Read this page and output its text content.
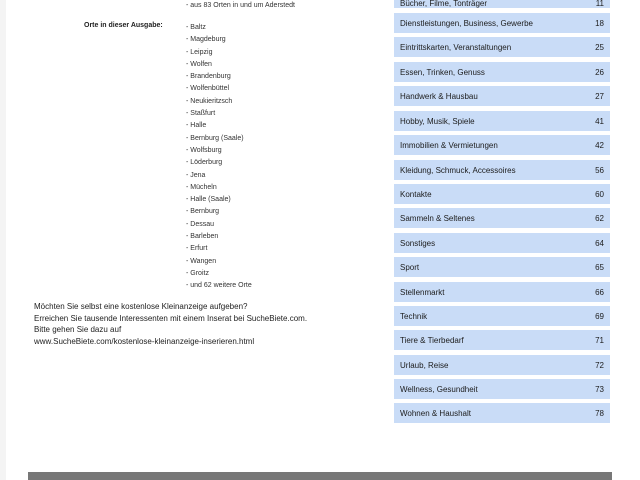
- aus 83 Orten in und um Aderstedt
Orte in dieser Ausgabe:	- Baltz
- Magdeburg
- Leipzig
- Wolfen
- Brandenburg
- Wolfenbüttel
- Neukieritzsch
- Staßfurt
- Halle
- Bernburg (Saale)
- Wolfsburg
- Löderburg
- Jena
- Mücheln
- Halle (Saale)
- Bernburg
- Dessau
- Barleben
- Erfurt
- Wangen
- Groitz
- und 62 weitere Orte
Möchten Sie selbst eine kostenlose Kleinanzeige aufgeben?
Erreichen Sie tausende Interessenten mit einem Inserat bei SucheBiete.com.
Bitte gehen Sie dazu auf
www.SucheBiete.com/kostenlose-kleinanzeige-inserieren.html
Bücher, Filme, Tonträger	11
Dienstleistungen, Business, Gewerbe	18
Eintrittskarten, Veranstaltungen	25
Essen, Trinken, Genuss	26
Handwerk & Hausbau	27
Hobby, Musik, Spiele	41
Immobilien & Vermietungen	42
Kleidung, Schmuck, Accessoires	56
Kontakte	60
Sammeln & Seltenes	62
Sonstiges	64
Sport	65
Stellenmarkt	66
Technik	69
Tiere & Tierbedarf	71
Urlaub, Reise	72
Wellness, Gesundheit	73
Wohnen & Haushalt	78
